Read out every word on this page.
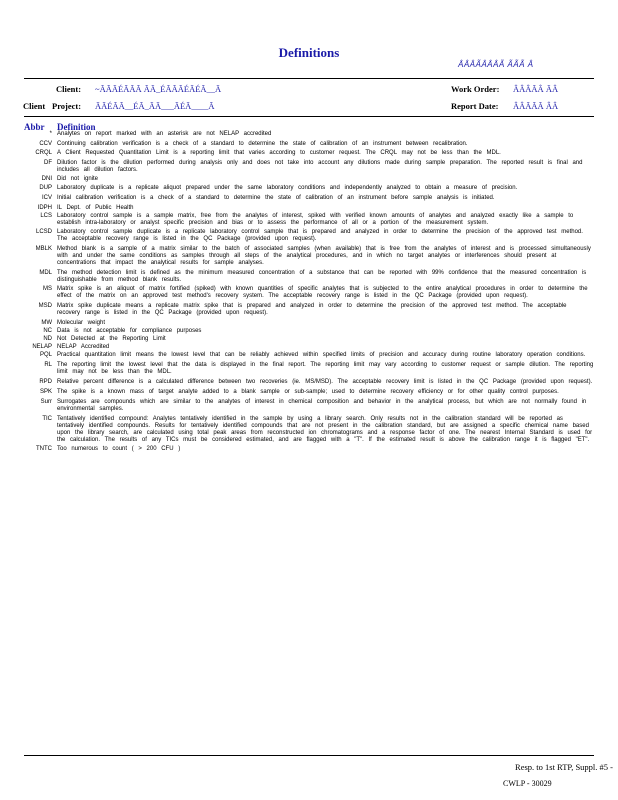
Definitions
ÂÂÂÃÂÂÂÃ ÃÃÃ Â
Client
Client: ~ÃÃÃÉÃÃÃ ÃÃ_ÉÃÃÃÉÃÉÃ__Ã
Project: ÃÃÉÃÃ__ÉÃ_ÃÃ___ÃÉÃ____Ã
Work Order: ÂÂÂÃÂ ÃÂ
Report Date: ÂÂÃÃÃ ÂÂ
Abbr Definition
* Analytes on report marked with an asterisk are not NELAP accredited
CCV Continuing calibration verification is a check of a standard to determine the state of calibration of an instrument between recalibration.
CRQL A Client Requested Quantitation Limit is a reporting limit that varies according to customer request. The CRQL may not be less than the MDL.
DF Dilution factor is the dilution performed during analysis only and does not take into account any dilutions made during sample preparation. The reported result is final and includes all dilution factors.
DNI Did not ignite
DUP Laboratory duplicate is a replicate aliquot prepared under the same laboratory conditions and independently analyzed to obtain a measure of precision.
ICV Initial calibration verification is a check of a standard to determine the state of calibration of an instrument before sample analysis is initiated.
IDPH IL Dept. of Public Health
LCS Laboratory control sample is a sample matrix, free from the analytes of interest, spiked with verified known amounts of analytes and analyzed exactly like a sample to establish intra-laboratory or analyst specific precision and bias or to assess the performance of all or a portion of the measurement system.
LCSD Laboratory control sample duplicate is a replicate laboratory control sample that is prepared and analyzed in order to determine the precision of the approved test method. The acceptable recovery range is listed in the QC Package (provided upon request).
MBLK Method blank is a sample of a matrix similar to the batch of associated samples (when available) that is free from the analytes of interest and is processed simultaneously with and under the same conditions as samples through all steps of the analytical procedures, and in which no target analytes or interferences should present at concentrations that impact the analytical results for sample analyses.
MDL The method detection limit is defined as the minimum measured concentration of a substance that can be reported with 99% confidence that the measured concentration is distinguishable from method blank results.
MS Matrix spike is an aliquot of matrix fortified (spiked) with known quantities of specific analytes that is subjected to the entire analytical procedures in order to determine the effect of the matrix on an approved test method's recovery system. The acceptable recovery range is listed in the QC Package (provided upon request).
MSD Matrix spike duplicate means a replicate matrix spike that is prepared and analyzed in order to determine the precision of the approved test method. The acceptable recovery range is listed in the QC Package (provided upon request).
MW Molecular weight
NC Data is not acceptable for compliance purposes
ND Not Detected at the Reporting Limit
NELAP NELAP Accredited
PQL Practical quantitation limit means the lowest level that can be reliably achieved within specified limits of precision and accuracy during routine laboratory operation conditions.
RL The reporting limit the lowest level that the data is displayed in the final report. The reporting limit may vary according to customer request or sample dilution. The reporting limit may not be less than the MDL.
RPD Relative percent difference is a calculated difference between two recoveries (ie. MS/MSD). The acceptable recovery limit is listed in the QC Package (provided upon request).
SPK The spike is a known mass of target analyte added to a blank sample or sub-sample; used to determine recovery efficiency or for other quality control purposes.
Surr Surrogates are compounds which are similar to the analytes of interest in chemical composition and behavior in the analytical process, but which are not normally found in environmental samples.
TIC Tentatively identified compound: Analytes tentatively identified in the sample by using a library search. Only results not in the calibration standard will be reported as tentatively identified compounds. Results for tentatively identified compounds that are not present in the calibration standard, but are assigned a specific chemical name based upon the library search, are calculated using total peak areas from reconstructed ion chromatograms and a response factor of one. The nearest Internal Standard is used for the calculation. The results of any TICs must be considered estimated, and are flagged with a "T". If the estimated result is above the calibration range it is flagged "ET".
TNTC Too numerous to count ( > 200 CFU )
Resp. to 1st RTP, Suppl. #5 -
CWLP - 30029
